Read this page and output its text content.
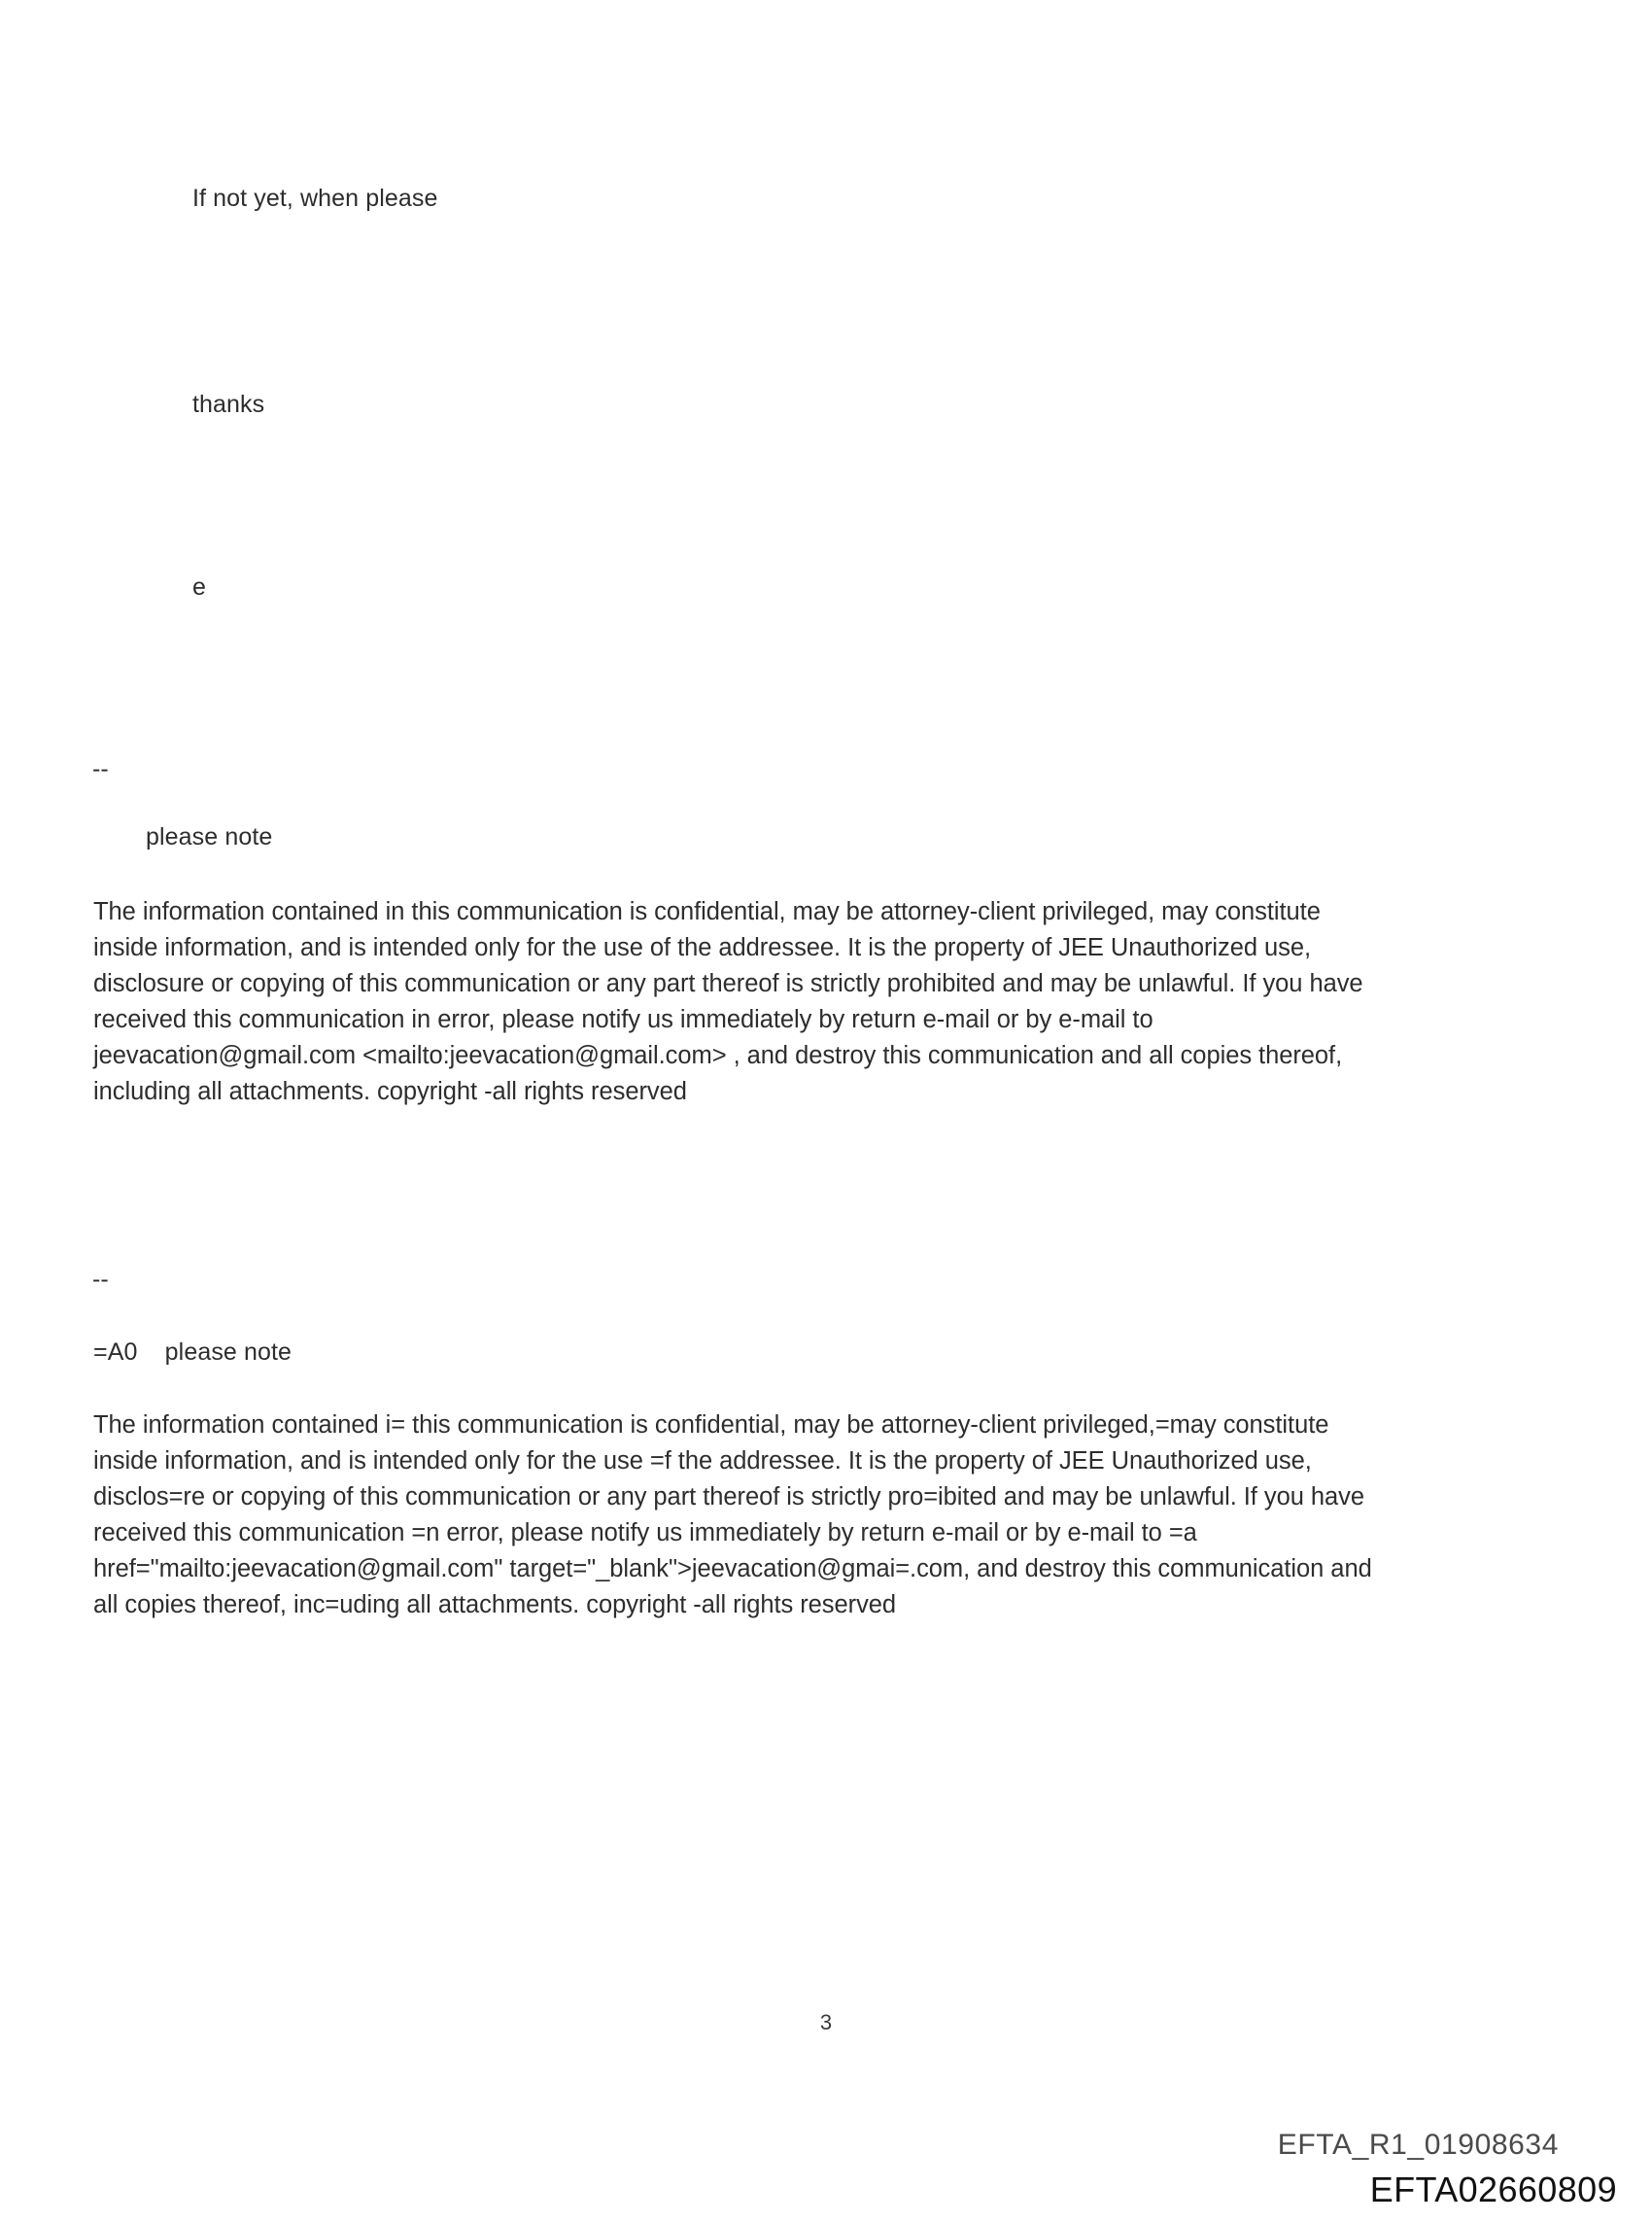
If not yet, when please
thanks
e
--
please note
The information contained in this communication is confidential, may be attorney-client privileged, may constitute
inside information, and is intended only for the use of the addressee. It is the property of JEE Unauthorized use,
disclosure or copying of this communication or any part thereof is strictly prohibited and may be unlawful. If you have
received this communication in error, please notify us immediately by return e-mail or by e-mail to
jeevacation@gmail.com <mailto:jeevacation@gmail.com> , and destroy this communication and all copies thereof,
including all attachments. copyright -all rights reserved
--
=A0    please note
The information contained i= this communication is confidential, may be attorney-client privileged,=may constitute
inside information, and is intended only for the use =f the addressee. It is the property of JEE Unauthorized use,
disclos=re or copying of this communication or any part thereof is strictly pro=ibited and may be unlawful. If you have
received this communication =n error, please notify us immediately by return e-mail or by e-mail to =a
href="mailto:jeevacation@gmail.com" target="_blank">jeevacation@gmai=.com, and destroy this communication and
all copies thereof, inc=uding all attachments. copyright -all rights reserved
3
EFTA_R1_01908634
EFTA02660809
